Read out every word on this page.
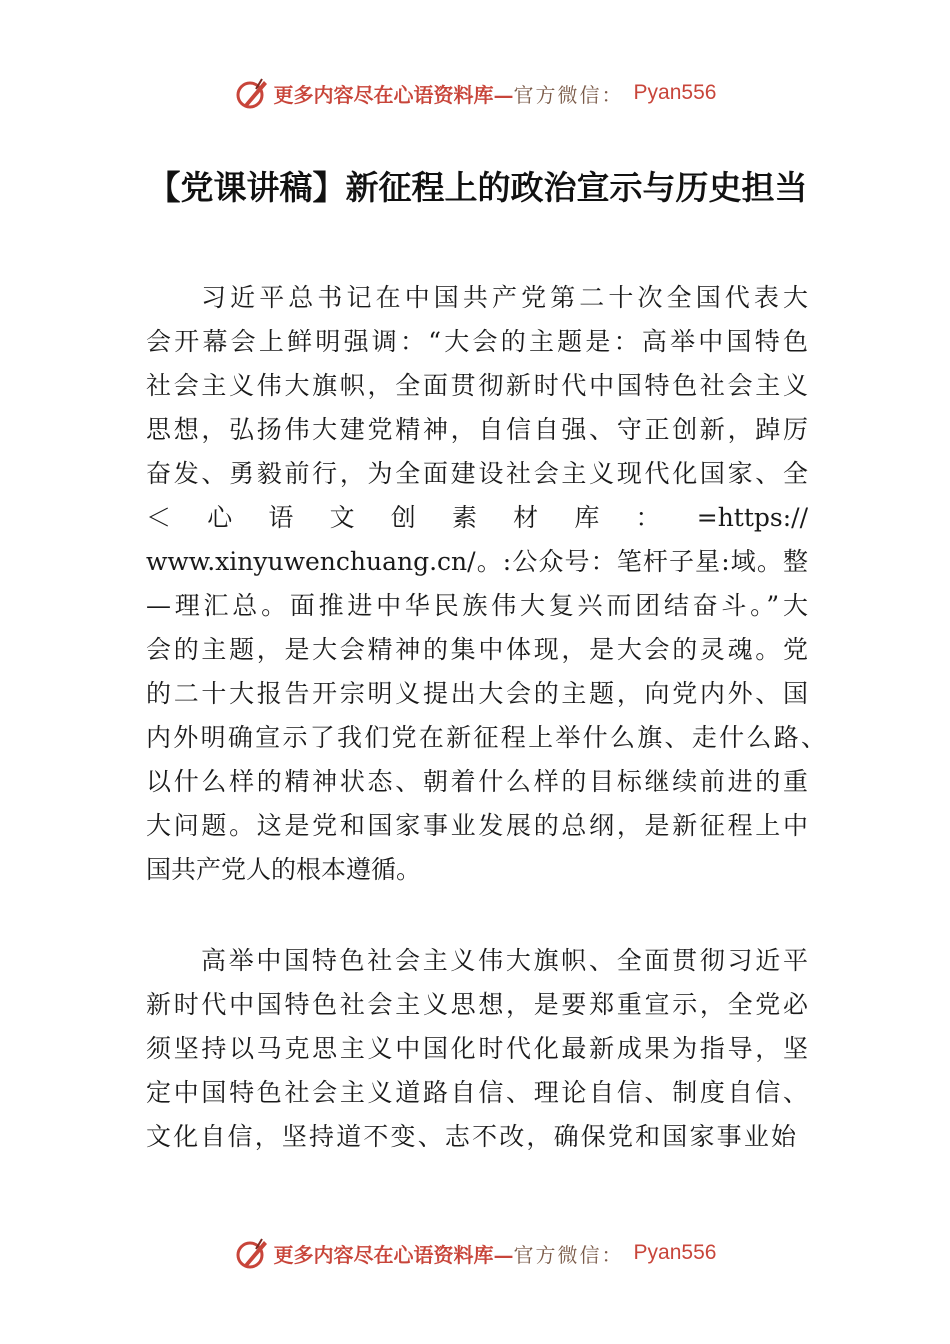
更多内容尽在心语资料库— 官方微信： Pyan556
【党课讲稿】新征程上的政治宣示与历史担当
习近平总书记在中国共产党第二十次全国代表大
会开幕会上鲜明强调：“大会的主题是：高举中国特色
社会主义伟大旗帜，全面贯彻新时代中国特色社会主义
思想，弘扬伟大建党精神，自信自强、守正创新，踔厉
奋发、勇毅前行，为全面建设社会主义现代化国家、全
＜心语文创素材库：=https://
www.xinyuwenchuang.cn/。:公众号：笔杆子星:域。整
—理汇总。面推进中华民族伟大复兴而团结奋斗。”大
会的主题，是大会精神的集中体现，是大会的灵魂。党
的二十大报告开宗明义提出大会的主题，向党内外、国
内外明确宣示了我们党在新征程上举什么旗、走什么路、
以什么样的精神状态、朝着什么样的目标继续前进的重
大问题。这是党和国家事业发展的总纲，是新征程上中
国共产党人的根本遵循。
高举中国特色社会主义伟大旗帜、全面贯彻习近平
新时代中国特色社会主义思想，是要郑重宣示，全党必
须坚持以马克思主义中国化时代化最新成果为指导，坚
定中国特色社会主义道路自信、理论自信、制度自信、
文化自信，坚持道不变、志不改，确保党和国家事业始
更多内容尽在心语资料库— 官方微信： Pyan556
